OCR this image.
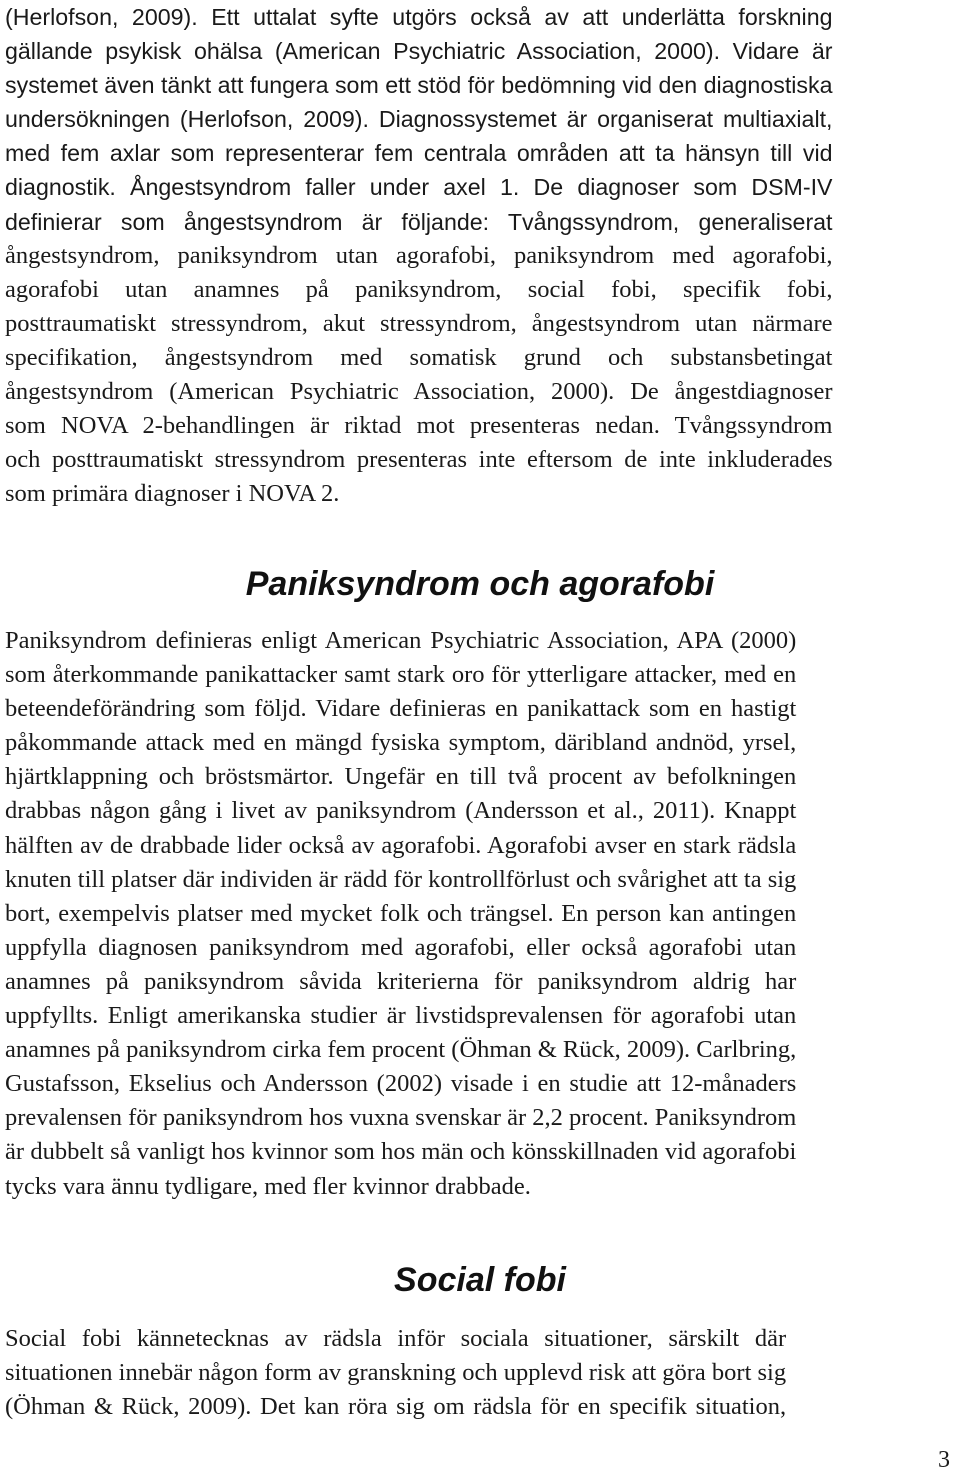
(Herlofson, 2009). Ett uttalat syfte utgörs också av att underlätta forskning
gällande psykisk ohälsa (American Psychiatric Association, 2000). Vidare är
systemet även tänkt att fungera som ett stöd för bedömning vid den diagnostiska
undersökningen (Herlofson, 2009). Diagnossystemet är organiserat multiaxialt,
med fem axlar som representerar fem centrala områden att ta hänsyn till vid
diagnostik. Ångestsyndrom faller under axel 1. De diagnoser som DSM-IV
definierar som ångestsyndrom är följande: Tvångssyndrom, generaliserat
ångestsyndrom, paniksyndrom utan agorafobi, paniksyndrom med agorafobi,
agorafobi utan anamnes på paniksyndrom, social fobi, specifik fobi,
posttraumatiskt stressyndrom, akut stressyndrom, ångestsyndrom utan närmare
specifikation, ångestsyndrom med somatisk grund och substansbetingat
ångestsyndrom (American Psychiatric Association, 2000). De ångestdiagnoser
som NOVA 2-behandlingen är riktad mot presenteras nedan. Tvångssyndrom
och posttraumatiskt stressyndrom presenteras inte eftersom de inte inkluderades
som primära diagnoser i NOVA 2.
Paniksyndrom och agorafobi
Paniksyndrom definieras enligt American Psychiatric Association, APA (2000)
som återkommande panikattacker samt stark oro för ytterligare attacker, med en
beteendeförändring som följd. Vidare definieras en panikattack som en hastigt
påkommande attack med en mängd fysiska symptom, däribland andnöd, yrsel,
hjärtklappning och bröstsmärtor. Ungefär en till två procent av befolkningen
drabbas någon gång i livet av paniksyndrom (Andersson et al., 2011). Knappt
hälften av de drabbade lider också av agorafobi. Agorafobi avser en stark rädsla
knuten till platser där individen är rädd för kontrollförlust och svårighet att ta sig
bort, exempelvis platser med mycket folk och trängsel. En person kan antingen
uppfylla diagnosen paniksyndrom med agorafobi, eller också agorafobi utan
anamnes på paniksyndrom såvida kriterierna för paniksyndrom aldrig har
uppfyllts. Enligt amerikanska studier är livstidsprevalensen för agorafobi utan
anamnes på paniksyndrom cirka fem procent (Öhman & Rück, 2009). Carlbring,
Gustafsson, Ekselius och Andersson (2002) visade i en studie att 12-månaders
prevalensen för paniksyndrom hos vuxna svenskar är 2,2 procent. Paniksyndrom
är dubbelt så vanligt hos kvinnor som hos män och könsskillnaden vid agorafobi
tycks vara ännu tydligare, med fler kvinnor drabbade.
Social fobi
Social fobi kännetecknas av rädsla inför sociala situationer, särskilt där
situationen innebär någon form av granskning och upplevd risk att göra bort sig
(Öhman & Rück, 2009). Det kan röra sig om rädsla för en specifik situation,
3
